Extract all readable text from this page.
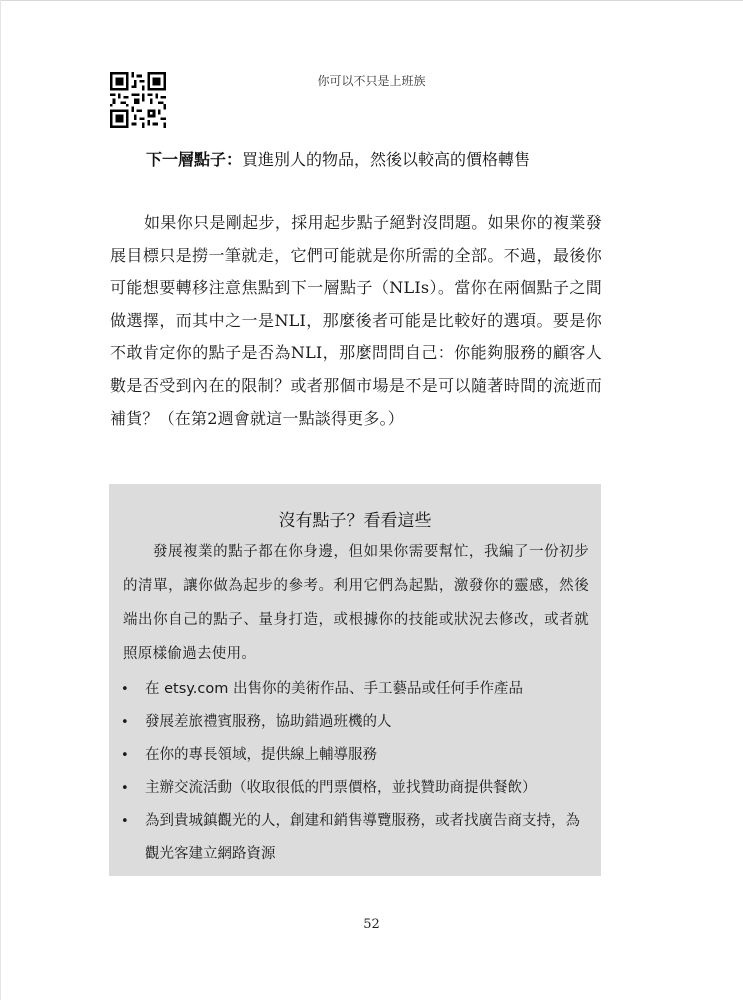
你可以不只是上班族
下一層點子：買進別人的物品，然後以較高的價格轉售

如果你只是剛起步，採用起步點子絕對沒問題。如果你的複業發展目標只是撈一筆就走，它們可能就是你所需的全部。不過，最後你可能想要轉移注意焦點到下一層點子（NLIs）。當你在兩個點子之間做選擇，而其中之一是NLI，那麼後者可能是比較好的選項。要是你不敢肯定你的點子是否為NLI，那麼問問自己：你能夠服務的顧客人數是否受到內在的限制？或者那個市場是不是可以隨著時間的流逝而補貨？（在第2週會就這一點談得更多。）

沒有點子？看看這些

發展複業的點子都在你身邊，但如果你需要幫忙，我編了一份初步的清單，讓你做為起步的參考。利用它們為起點，激發你的靈感，然後端出你自己的點子、量身打造，或根據你的技能或狀況去修改，或者就照原樣偷過去使用。

• 在 etsy.com 出售你的美術作品、手工藝品或任何手作產品
• 發展差旅禮賓服務，協助錯過班機的人
• 在你的專長領域，提供線上輔導服務
• 主辦交流活動（收取很低的門票價格，並找贊助商提供餐飲）
• 為到貴城鎮觀光的人，創建和銷售導覽服務，或者找廣告商支持，為觀光客建立網路資源
52
